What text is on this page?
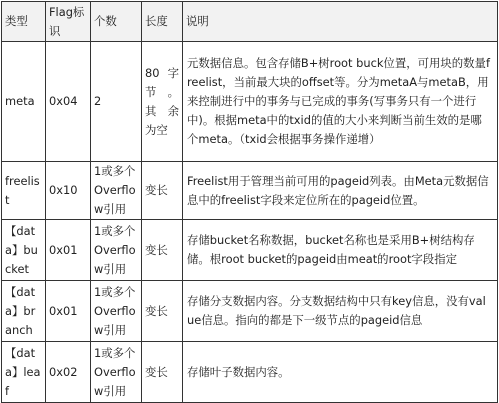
类型	Flag标识	个数	长度	说明
meta	0x04	2	80字节。其余为空	元数据信息。包含存储B+树root buck位置，可用块的数量freelist，当前最大块的offset等。分为metaA与metaB，用来控制进行中的事务与已完成的事务(写事务只有一个进行中)。根据meta中的txid的值的大小来判断当前生效的是哪个meta。（txid会根据事务操作递增）
freelist	0x10	1或多个Overflow引用	变长	Freelist用于管理当前可用的pageid列表。由Meta元数据信息中的freelist字段来定位所在的pageid位置。
【data】bucket	0x01	1或多个Overflow引用	变长	存储bucket名称数据，bucket名称也是采用B+树结构存储。根root bucket的pageid由meat的root字段指定
【data】branch	0x01	1或多个Overflow引用	变长	存储分支数据内容。分支数据结构中只有key信息，没有value信息。指向的都是下一级节点的pageid信息
【data】leaf	0x02	1或多个Overflow引用	变长	存储叶子数据内容。
